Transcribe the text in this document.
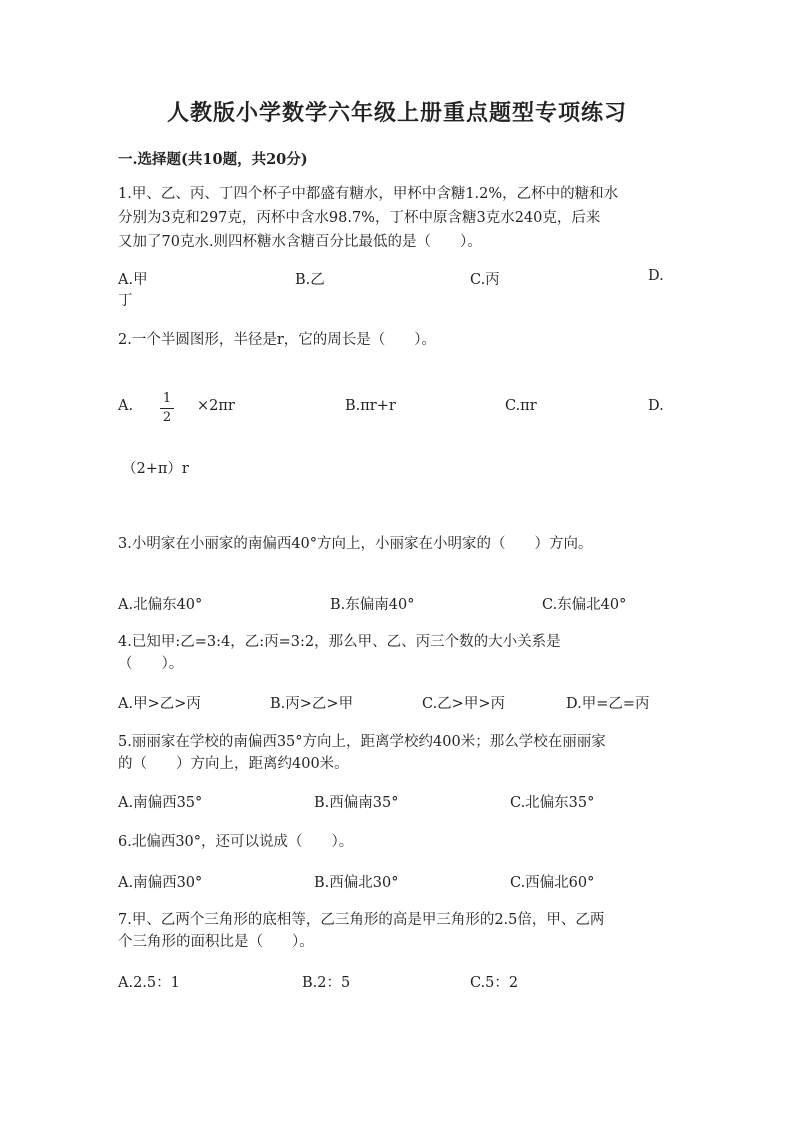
人教版小学数学六年级上册重点题型专项练习
一.选择题(共10题，共20分)
1.甲、乙、丙、丁四个杯子中都盛有糖水，甲杯中含糖1.2%，乙杯中的糖和水
分别为3克和297克，丙杯中含水98.7%，丁杯中原含糖3克水240克，后来
又加了70克水.则四杯糖水含糖百分比最低的是（　　）。
A.甲	B.乙	C.丙	D.
丁
2.一个半圆图形，半径是r，它的周长是（　　）。
A. 1
2
×2πr	B.πr+r	C.πr	D.
（2+π）r
3.小明家在小丽家的南偏西40°方向上，小丽家在小明家的（　　）方向。
A.北偏东40°	B.东偏南40°	C.东偏北40°
4.已知甲:乙=3:4，乙:丙=3:2，那么甲、乙、丙三个数的大小关系是
（　　）。
A.甲>乙>丙	B.丙>乙>甲	C.乙>甲>丙	D.甲=乙=丙
5.丽丽家在学校的南偏西35°方向上，距离学校约400米；那么学校在丽丽家
的（　　）方向上，距离约400米。
A.南偏西35°	B.西偏南35°	C.北偏东35°
6.北偏西30°，还可以说成（　　）。
A.南偏西30°	B.西偏北30°	C.西偏北60°
7.甲、乙两个三角形的底相等，乙三角形的高是甲三角形的2.5倍，甲、乙两
个三角形的面积比是（　　）。
A.2.5：1	B.2：5	C.5：2
